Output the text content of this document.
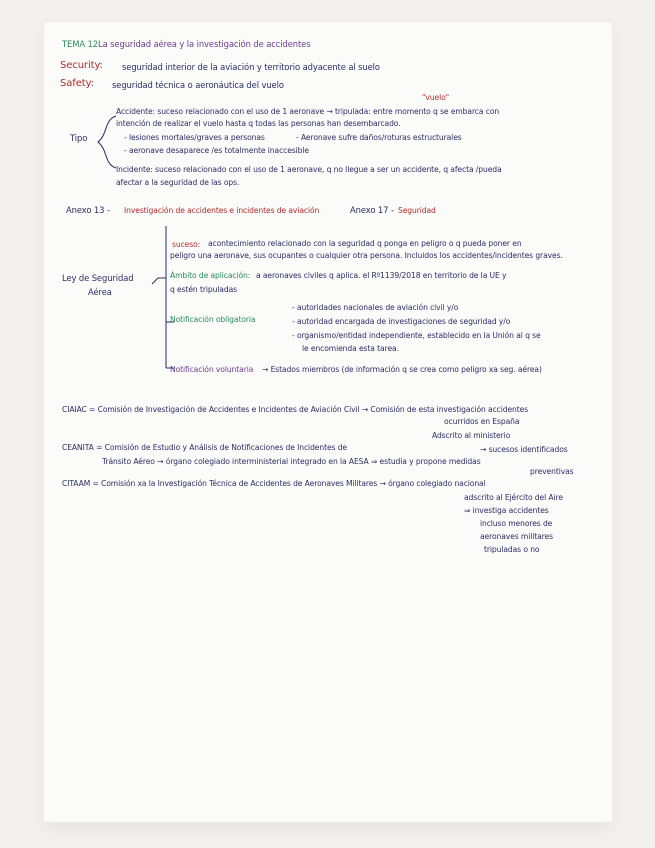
TEMA 12 La seguridad aérea y la investigación de accidentes
Security: seguridad interior de la aviación y territorio adyacente al suelo
Safety: seguridad técnica o aeronáutica del vuelo
"vuelo"
Tipo
Accidente: suceso relacionado con el uso de 1 aeronave → tripulada: entre momento q se embarca con
intención de realizar el vuelo hasta q todas las personas han desembarcado.
- lesiones mortales/graves a personas	- Aeronave sufre daños/roturas estructurales
- aeronave desaparece /es totalmente inaccesible
Incidente: suceso relacionado con el uso de 1 aeronave, q no llegue a ser un accidente, q afecta /pueda
afectar a la seguridad de las ops.
Anexo 13 - Investigación de accidentes e incidentes de aviación	Anexo 17 - Seguridad
Ley de Seguridad
Aérea
suceso: acontecimiento relacionado con la seguridad q ponga en peligro o q pueda poner en
peligro una aeronave, sus ocupantes o cualquier otra persona. Incluidos los accidentes/incidentes graves.
Ámbito de aplicación: a aeronaves civiles q aplica. el Rº1139/2018 en territorio de la UE y
q estén tripuladas
Notificación obligatoria
- autoridades nacionales de aviación civil y/o
- autoridad encargada de investigaciones de seguridad y/o
- organismo/entidad independiente, establecido en la Unión al q se
le encomienda esta tarea.
Notificación voluntaria → Estados miembros (de información q se crea como peligro xa seg. aérea)
CIAIAC = Comisión de Investigación de Accidentes e Incidentes de Aviación Civil → Comisión de esta investigación accidentes
ocurridos en España
Adscrito al ministerio
CEANITA = Comisión de Estudio y Análisis de Notificaciones de Incidentes de	→ sucesos identificados
Tránsito Aéreo → órgano colegiado interministerial integrado en la AESA ⇒ estudia y propone medidas
preventivas
CITAAM = Comisión xa la Investigación Técnica de Accidentes de Aeronaves Militares → órgano colegiado nacional
adscrito al Ejército del Aire
⇒ investiga accidentes
incluso menores de
aeronaves militares
tripuladas o no
